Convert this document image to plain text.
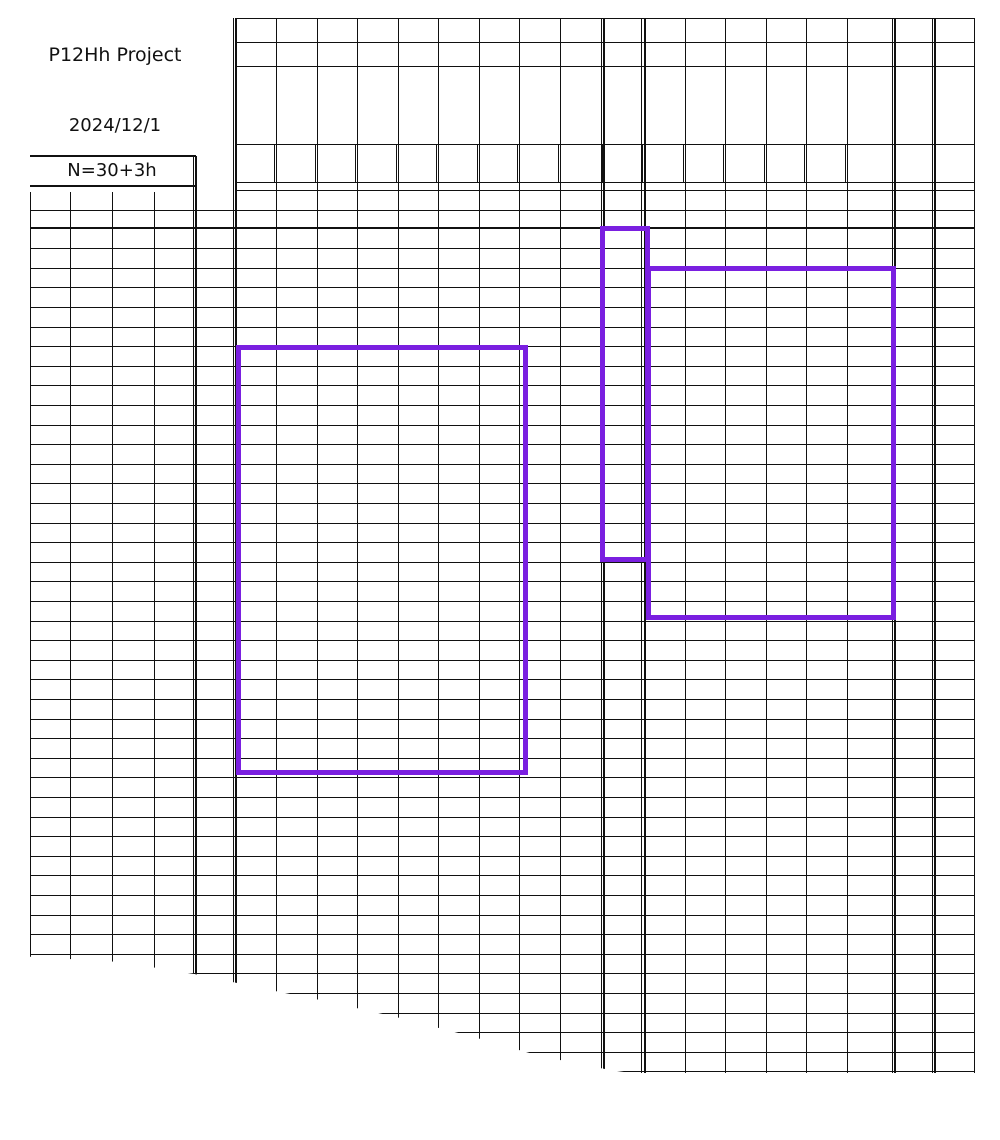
P12Hh Project
2024/12/1
N=30+3h
